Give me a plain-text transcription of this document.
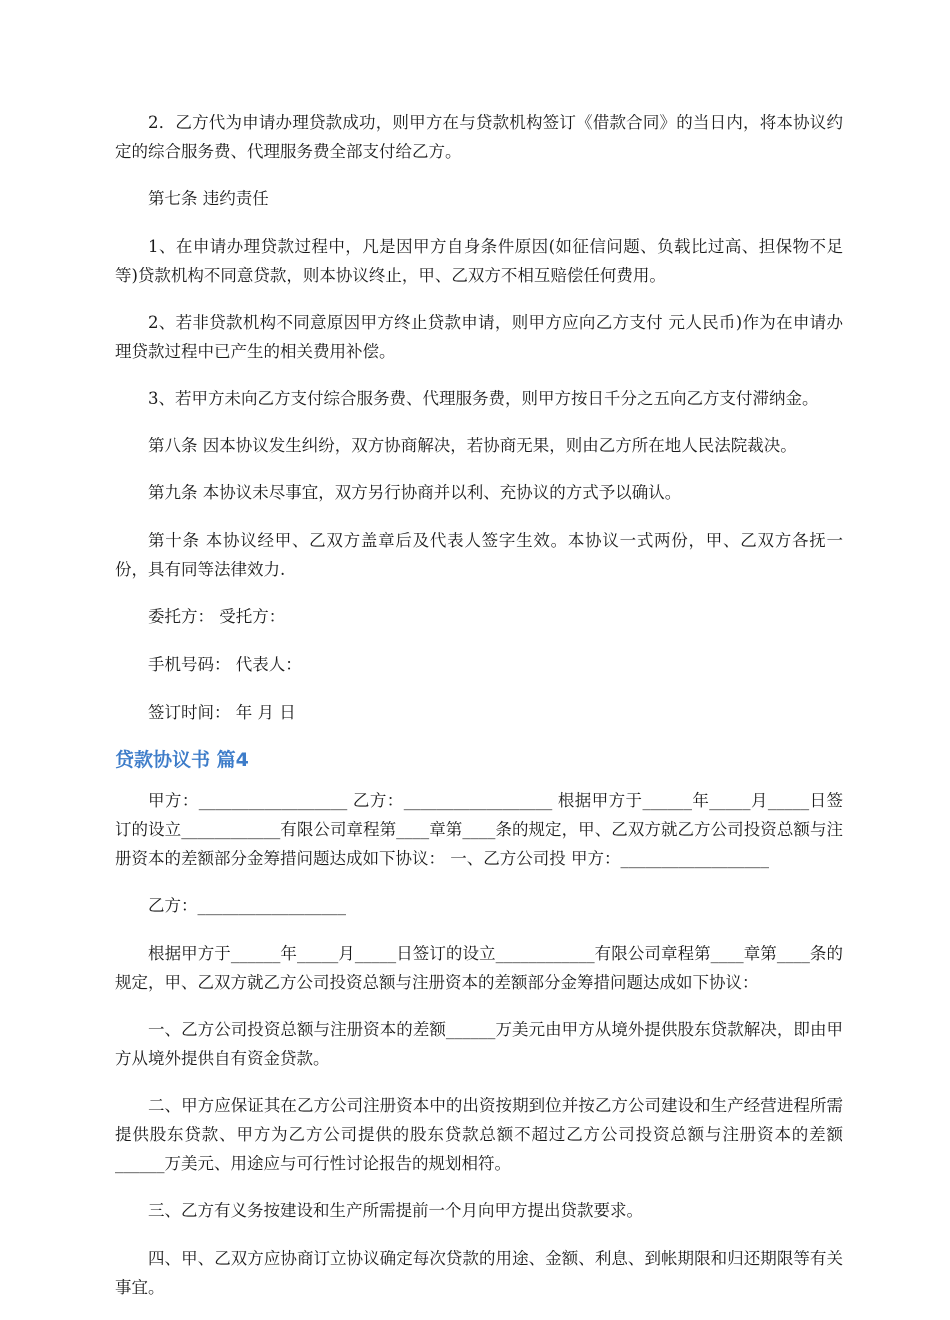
2．乙方代为申请办理贷款成功，则甲方在与贷款机构签订《借款合同》的当日内，将本协议约定的综合服务费、代理服务费全部支付给乙方。

第七条 违约责任

1、在申请办理贷款过程中，凡是因甲方自身条件原因(如征信问题、负载比过高、担保物不足等)贷款机构不同意贷款，则本协议终止，甲、乙双方不相互赔偿任何费用。

2、若非贷款机构不同意原因甲方终止贷款申请，则甲方应向乙方支付 元人民币)作为在申请办理贷款过程中已产生的相关费用补偿。

3、若甲方未向乙方支付综合服务费、代理服务费，则甲方按日千分之五向乙方支付滞纳金。

第八条 因本协议发生纠纷，双方协商解决，若协商无果，则由乙方所在地人民法院裁决。

第九条 本协议未尽事宜，双方另行协商并以利、充协议的方式予以确认。

第十条 本协议经甲、乙双方盖章后及代表人签字生效。本协议一式两份，甲、乙双方各抚一份，具有同等法律效力.

委托方： 受托方：

手机号码： 代表人：

签订时间： 年 月 日

贷款协议书 篇4

甲方：__________________ 乙方：__________________ 根据甲方于______年_____月_____日签订的设立____________有限公司章程第____章第____条的规定，甲、乙双方就乙方公司投资总额与注册资本的差额部分金筹措问题达成如下协议： 一、乙方公司投 甲方：__________________

乙方：__________________

根据甲方于______年_____月_____日签订的设立____________有限公司章程第____章第____条的规定，甲、乙双方就乙方公司投资总额与注册资本的差额部分金筹措问题达成如下协议：

一、乙方公司投资总额与注册资本的差额______万美元由甲方从境外提供股东贷款解决，即由甲方从境外提供自有资金贷款。

二、甲方应保证其在乙方公司注册资本中的出资按期到位并按乙方公司建设和生产经营进程所需提供股东贷款、甲方为乙方公司提供的股东贷款总额不超过乙方公司投资总额与注册资本的差额______万美元、用途应与可行性讨论报告的规划相符。

三、乙方有义务按建设和生产所需提前一个月向甲方提出贷款要求。

四、甲、乙双方应协商订立协议确定每次贷款的用途、金额、利息、到帐期限和归还期限等有关事宜。
